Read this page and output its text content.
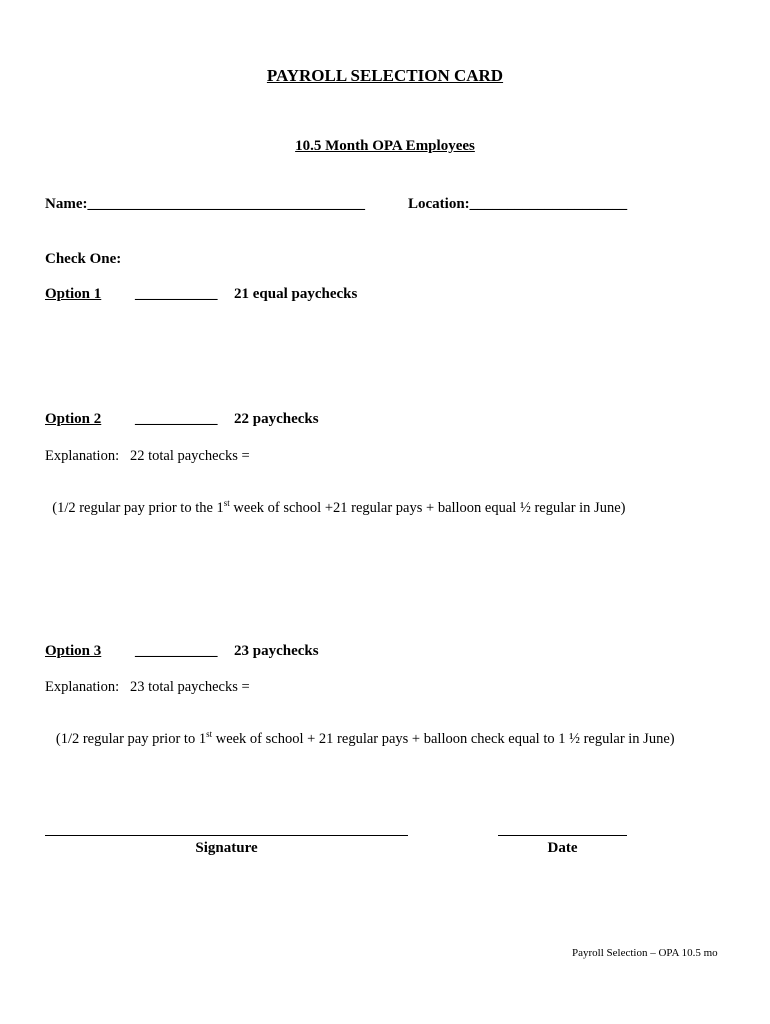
PAYROLL SELECTION CARD
10.5 Month OPA Employees
Name:_____________________________________	Location:_____________________
Check One:
Option 1 ___________ 21 equal paychecks
Option 2 ___________ 22 paychecks
Explanation:   22 total paychecks =

(1/2 regular pay prior to the 1st week of school +21 regular pays + balloon equal ½ regular in June)

Option 3 ___________ 23 paychecks
Explanation:   23 total paychecks =

(1/2 regular pay prior to 1st week of school + 21 regular pays + balloon check equal to 1 ½ regular in June)

Signature	Date
Payroll Selection – OPA 10.5 mo
